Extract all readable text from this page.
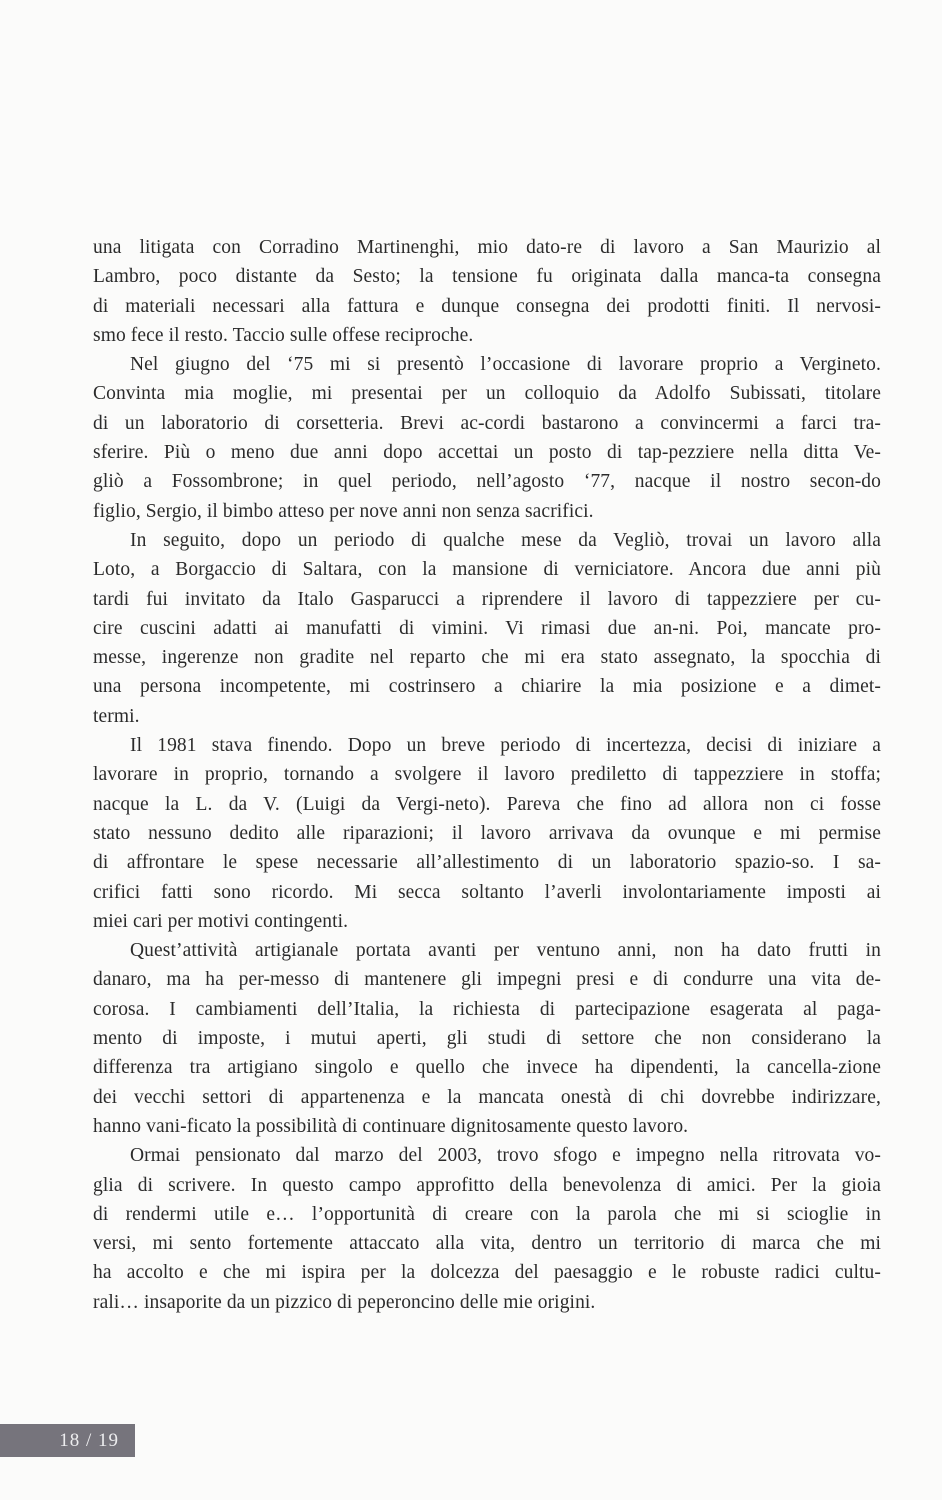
una litigata con Corradino Martinenghi, mio dato-re di lavoro a San Maurizio al
Lambro, poco distante da Sesto; la tensione fu originata dalla manca-ta consegna
di materiali necessari alla fattura e dunque consegna dei prodotti finiti. Il nervosi-
smo fece il resto. Taccio sulle offese reciproche.
Nel giugno del ‘75 mi si presentò l’occasione di lavorare proprio a Vergineto.
Convinta mia moglie, mi presentai per un colloquio da Adolfo Subissati, titolare
di un laboratorio di corsetteria. Brevi ac-cordi bastarono a convincermi a farci tra-
sferire. Più o meno due anni dopo accettai un posto di tap-pezziere nella ditta Ve-
gliò a Fossombrone; in quel periodo, nell’agosto ‘77, nacque il nostro secon-do
figlio, Sergio, il bimbo atteso per nove anni non senza sacrifici.
In seguito, dopo un periodo di qualche mese da Vegliò, trovai un lavoro alla
Loto, a Borgaccio di Saltara, con la mansione di verniciatore. Ancora due anni più
tardi fui invitato da Italo Gasparucci a riprendere il lavoro di tappezziere per cu-
cire cuscini adatti ai manufatti di vimini. Vi rimasi due an-ni. Poi, mancate pro-
messe, ingerenze non gradite nel reparto che mi era stato assegnato, la spocchia di
una persona incompetente, mi costrinsero a chiarire la mia posizione e a dimet-
termi.
Il 1981 stava finendo. Dopo un breve periodo di incertezza, decisi di iniziare a
lavorare in proprio, tornando a svolgere il lavoro prediletto di tappezziere in stoffa;
nacque la L. da V. (Luigi da Vergi-neto). Pareva che fino ad allora non ci fosse
stato nessuno dedito alle riparazioni; il lavoro arrivava da ovunque e mi permise
di affrontare le spese necessarie all’allestimento di un laboratorio spazio-so. I sa-
crifici fatti sono ricordo. Mi secca soltanto l’averli involontariamente imposti ai
miei cari per motivi contingenti.
Quest’attività artigianale portata avanti per ventuno anni, non ha dato frutti in
danaro, ma ha per-messo di mantenere gli impegni presi e di condurre una vita de-
corosa. I cambiamenti dell’Italia, la richiesta di partecipazione esagerata al paga-
mento di imposte, i mutui aperti, gli studi di settore che non considerano la
differenza tra artigiano singolo e quello che invece ha dipendenti, la cancella-zione
dei vecchi settori di appartenenza e la mancata onestà di chi dovrebbe indirizzare,
hanno vani-ficato la possibilità di continuare dignitosamente questo lavoro.
Ormai pensionato dal marzo del 2003, trovo sfogo e impegno nella ritrovata vo-
glia di scrivere. In questo campo approfitto della benevolenza di amici. Per la gioia
di rendermi utile e… l’opportunità di creare con la parola che mi si scioglie in
versi, mi sento fortemente attaccato alla vita, dentro un territorio di marca che mi
ha accolto e che mi ispira per la dolcezza del paesaggio e le robuste radici cultu-
rali… insaporite da un pizzico di peperoncino delle mie origini.
18 / 19
